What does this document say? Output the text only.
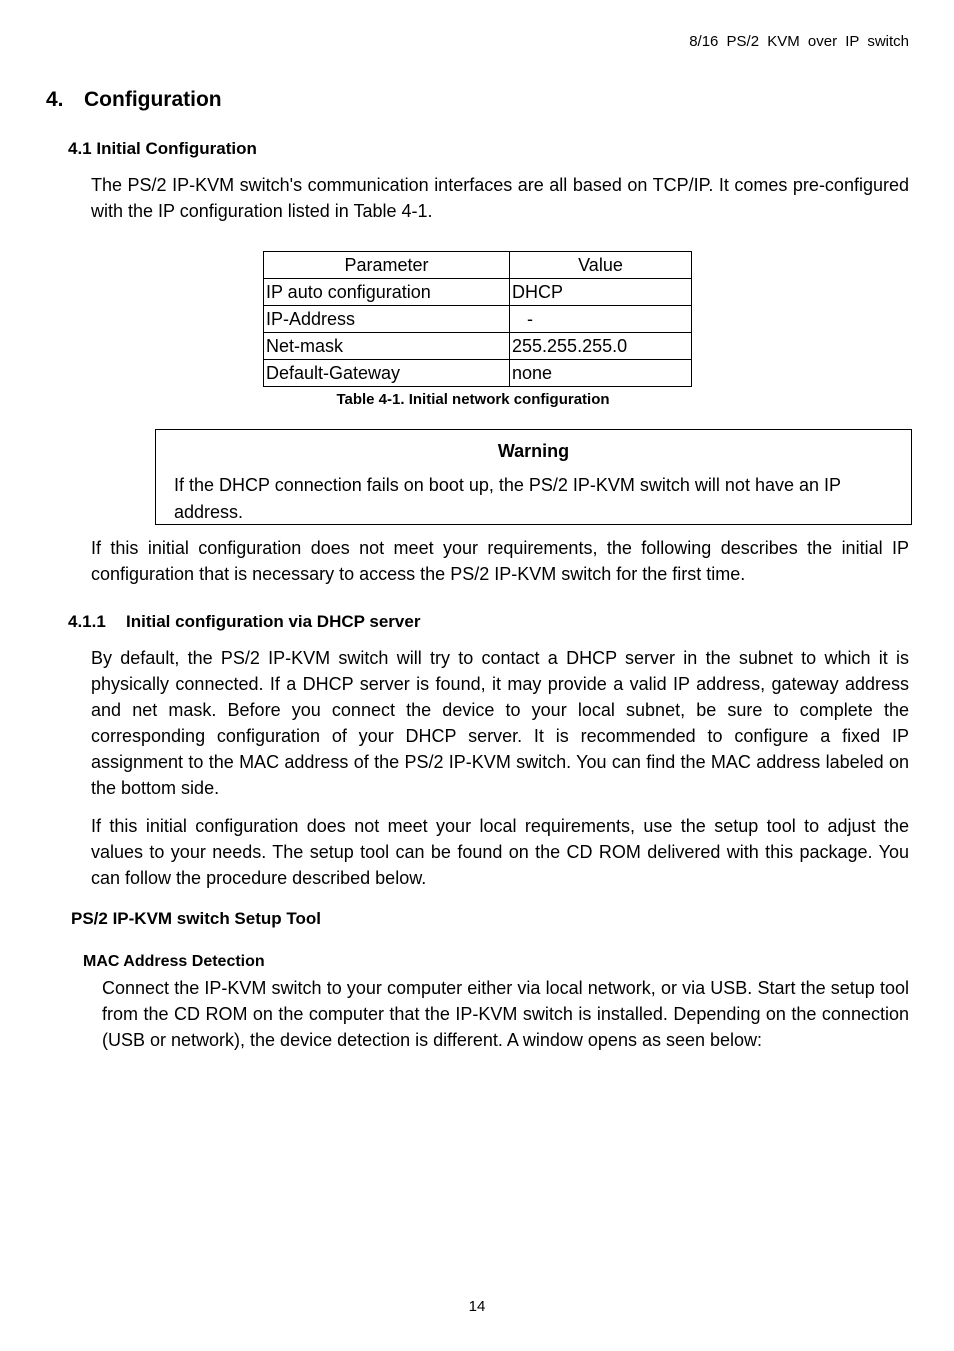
8/16 PS/2 KVM over IP switch
4. Configuration
4.1 Initial Configuration
The PS/2 IP-KVM switch's communication interfaces are all based on TCP/IP. It comes pre-configured with the IP configuration listed in Table 4-1.
Parameter	Value
IP auto configuration	DHCP
IP-Address	-
Net-mask	255.255.255.0
Default-Gateway	none
Table 4-1. Initial network configuration
Warning
If the DHCP connection fails on boot up, the PS/2 IP-KVM switch will not have an IP address.
If this initial configuration does not meet your requirements, the following describes the initial IP configuration that is necessary to access the PS/2 IP-KVM switch for the first time.
4.1.1 Initial configuration via DHCP server
By default, the PS/2 IP-KVM switch will try to contact a DHCP server in the subnet to which it is physically connected. If a DHCP server is found, it may provide a valid IP address, gateway address and net mask. Before you connect the device to your local subnet, be sure to complete the corresponding configuration of your DHCP server. It is recommended to configure a fixed IP assignment to the MAC address of the PS/2 IP-KVM switch. You can find the MAC address labeled on the bottom side.
If this initial configuration does not meet your local requirements, use the setup tool to adjust the values to your needs. The setup tool can be found on the CD ROM delivered with this package. You can follow the procedure described below.
PS/2 IP-KVM switch Setup Tool
MAC Address Detection
Connect the IP-KVM switch to your computer either via local network, or via USB. Start the setup tool from the CD ROM on the computer that the IP-KVM switch is installed. Depending on the connection (USB or network), the device detection is different. A window opens as seen below:
14
